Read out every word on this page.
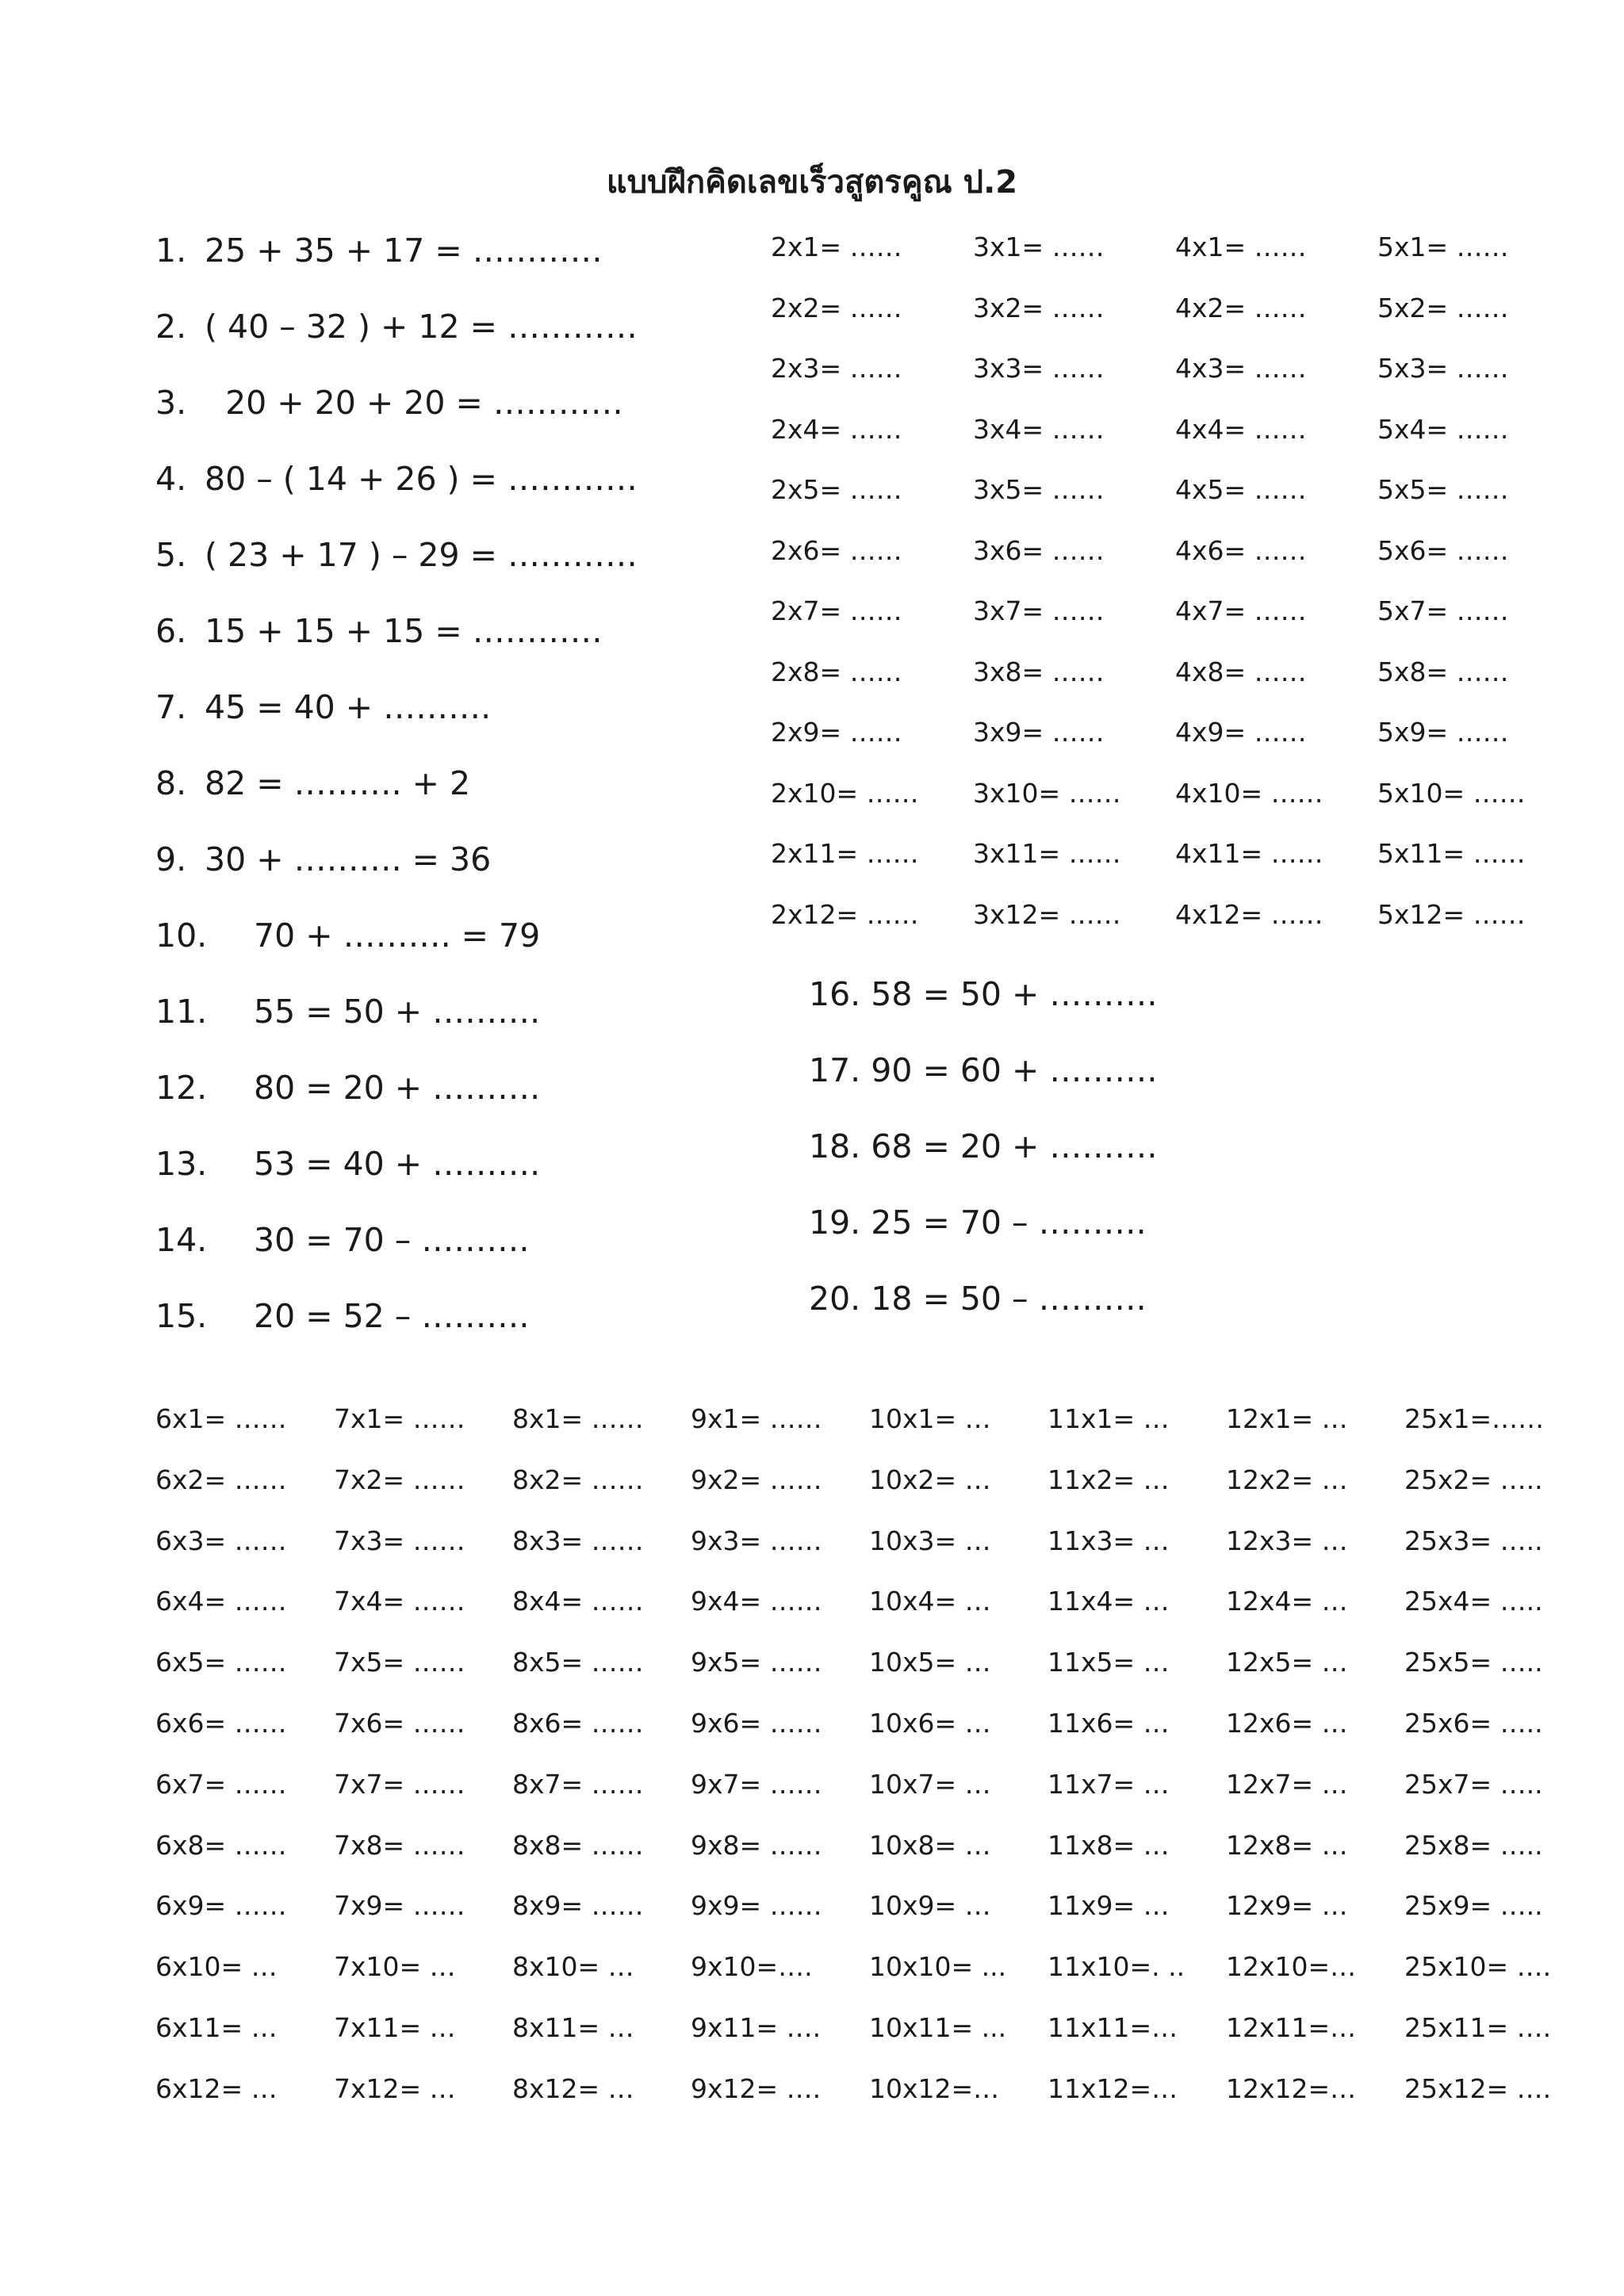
แบบฝึกคิดเลขเร็วสูตรคูณ ป.2
1. 25 + 35 + 17 = …………
2. ( 40 – 32 ) + 12 = …………
3.  20 + 20 + 20 = …………
4. 80 – ( 14 + 26 ) = …………
5. ( 23 + 17 ) – 29 = …………
6. 15 + 15 + 15 = …………
7. 45 = 40 + ……….
8. 82 = ………. + 2
9. 30 + ………. = 36
10. 70 + ………. = 79
11. 55 = 50 + ……….
12. 80 = 20 + ……….
13. 53 = 40 + ……….
14. 30 = 70 – ……….
15. 20 = 52 – ……….
16. 58 = 50 + ……….
17. 90 = 60 + ……….
18. 68 = 20 + ……….
19. 25 = 70 – ……….
20. 18 = 50 – ……….
2x1= ……	3x1= ……	4x1= ……	5x1= ……
2x2= ……	3x2= ……	4x2= ……	5x2= ……
2x3= ……	3x3= ……	4x3= ……	5x3= ……
2x4= ……	3x4= ……	4x4= ……	5x4= ……
2x5= ……	3x5= ……	4x5= ……	5x5= ……
2x6= ……	3x6= ……	4x6= ……	5x6= ……
2x7= ……	3x7= ……	4x7= ……	5x7= ……
2x8= ……	3x8= ……	4x8= ……	5x8= ……
2x9= ……	3x9= ……	4x9= ……	5x9= ……
2x10= ……	3x10= ……	4x10= ……	5x10= ……
2x11= ……	3x11= ……	4x11= ……	5x11= ……
2x12= ……	3x12= ……	4x12= ……	5x12= ……
6x1= ……	7x1= ……	8x1= ……	9x1= ……	10x1= …	11x1= …	12x1= …	25x1=……
6x2= ……	7x2= ……	8x2= ……	9x2= ……	10x2= …	11x2= …	12x2= …	25x2= …..
6x3= ……	7x3= ……	8x3= ……	9x3= ……	10x3= …	11x3= …	12x3= …	25x3= …..
6x4= ……	7x4= ……	8x4= ……	9x4= ……	10x4= …	11x4= …	12x4= …	25x4= …..
6x5= ……	7x5= ……	8x5= ……	9x5= ……	10x5= …	11x5= …	12x5= …	25x5= …..
6x6= ……	7x6= ……	8x6= ……	9x6= ……	10x6= …	11x6= …	12x6= …	25x6= …..
6x7= ……	7x7= ……	8x7= ……	9x7= ……	10x7= …	11x7= …	12x7= …	25x7= …..
6x8= ……	7x8= ……	8x8= ……	9x8= ……	10x8= …	11x8= …	12x8= …	25x8= …..
6x9= ……	7x9= ……	8x9= ……	9x9= ……	10x9= …	11x9= …	12x9= …	25x9= …..
6x10= …	7x10= …	8x10= …	9x10=….	10x10= ...	11x10=. ..	12x10=…	25x10= ….
6x11= …	7x11= …	8x11= …	9x11= ….	10x11= ...	11x11=…	12x11=…	25x11= ….
6x12= …	7x12= …	8x12= …	9x12= ….	10x12=…	11x12=…	12x12=…	25x12= ….
